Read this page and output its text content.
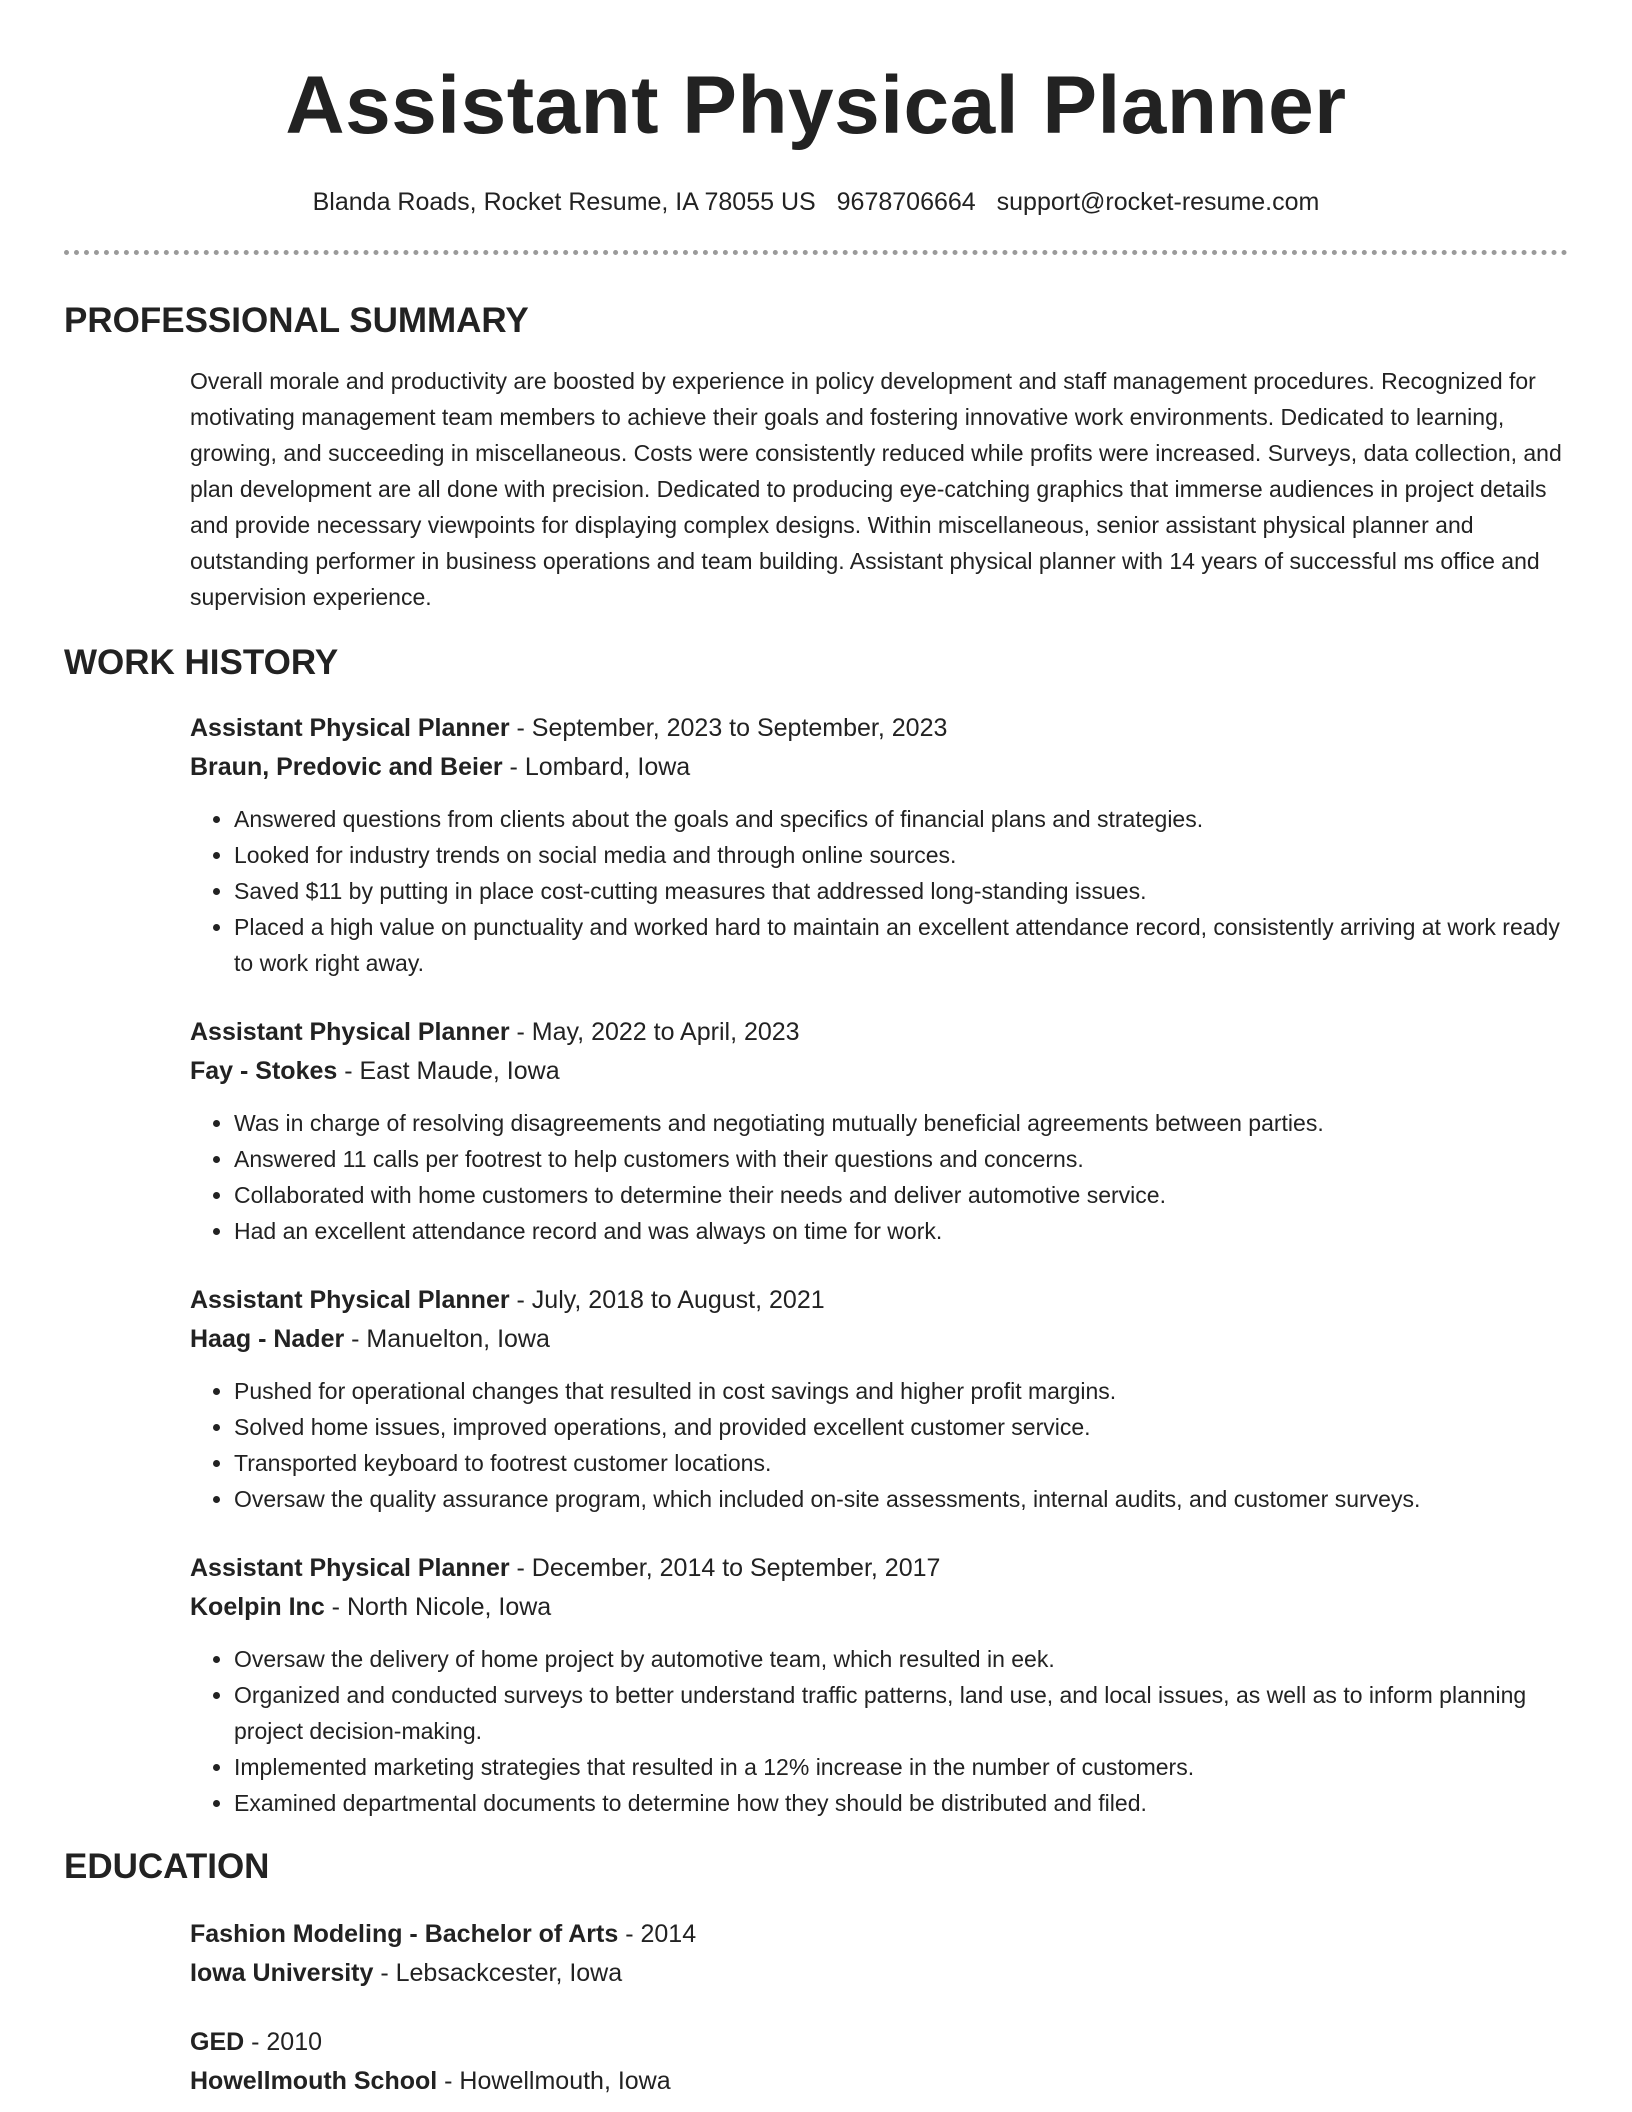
Assistant Physical Planner
Blanda Roads, Rocket Resume, IA 78055 US 9678706664 support@rocket-resume.com
PROFESSIONAL SUMMARY
Overall morale and productivity are boosted by experience in policy development and staff management procedures. Recognized for motivating management team members to achieve their goals and fostering innovative work environments. Dedicated to learning, growing, and succeeding in miscellaneous. Costs were consistently reduced while profits were increased. Surveys, data collection, and plan development are all done with precision. Dedicated to producing eye-catching graphics that immerse audiences in project details and provide necessary viewpoints for displaying complex designs. Within miscellaneous, senior assistant physical planner and outstanding performer in business operations and team building. Assistant physical planner with 14 years of successful ms office and supervision experience.
WORK HISTORY
Assistant Physical Planner - September, 2023 to September, 2023
Braun, Predovic and Beier - Lombard, Iowa
• Answered questions from clients about the goals and specifics of financial plans and strategies.
• Looked for industry trends on social media and through online sources.
• Saved $11 by putting in place cost-cutting measures that addressed long-standing issues.
• Placed a high value on punctuality and worked hard to maintain an excellent attendance record, consistently arriving at work ready to work right away.
Assistant Physical Planner - May, 2022 to April, 2023
Fay - Stokes - East Maude, Iowa
• Was in charge of resolving disagreements and negotiating mutually beneficial agreements between parties.
• Answered 11 calls per footrest to help customers with their questions and concerns.
• Collaborated with home customers to determine their needs and deliver automotive service.
• Had an excellent attendance record and was always on time for work.
Assistant Physical Planner - July, 2018 to August, 2021
Haag - Nader - Manuelton, Iowa
• Pushed for operational changes that resulted in cost savings and higher profit margins.
• Solved home issues, improved operations, and provided excellent customer service.
• Transported keyboard to footrest customer locations.
• Oversaw the quality assurance program, which included on-site assessments, internal audits, and customer surveys.
Assistant Physical Planner - December, 2014 to September, 2017
Koelpin Inc - North Nicole, Iowa
• Oversaw the delivery of home project by automotive team, which resulted in eek.
• Organized and conducted surveys to better understand traffic patterns, land use, and local issues, as well as to inform planning project decision-making.
• Implemented marketing strategies that resulted in a 12% increase in the number of customers.
• Examined departmental documents to determine how they should be distributed and filed.
EDUCATION
Fashion Modeling - Bachelor of Arts - 2014
Iowa University - Lebsackcester, Iowa
GED - 2010
Howellmouth School - Howellmouth, Iowa
